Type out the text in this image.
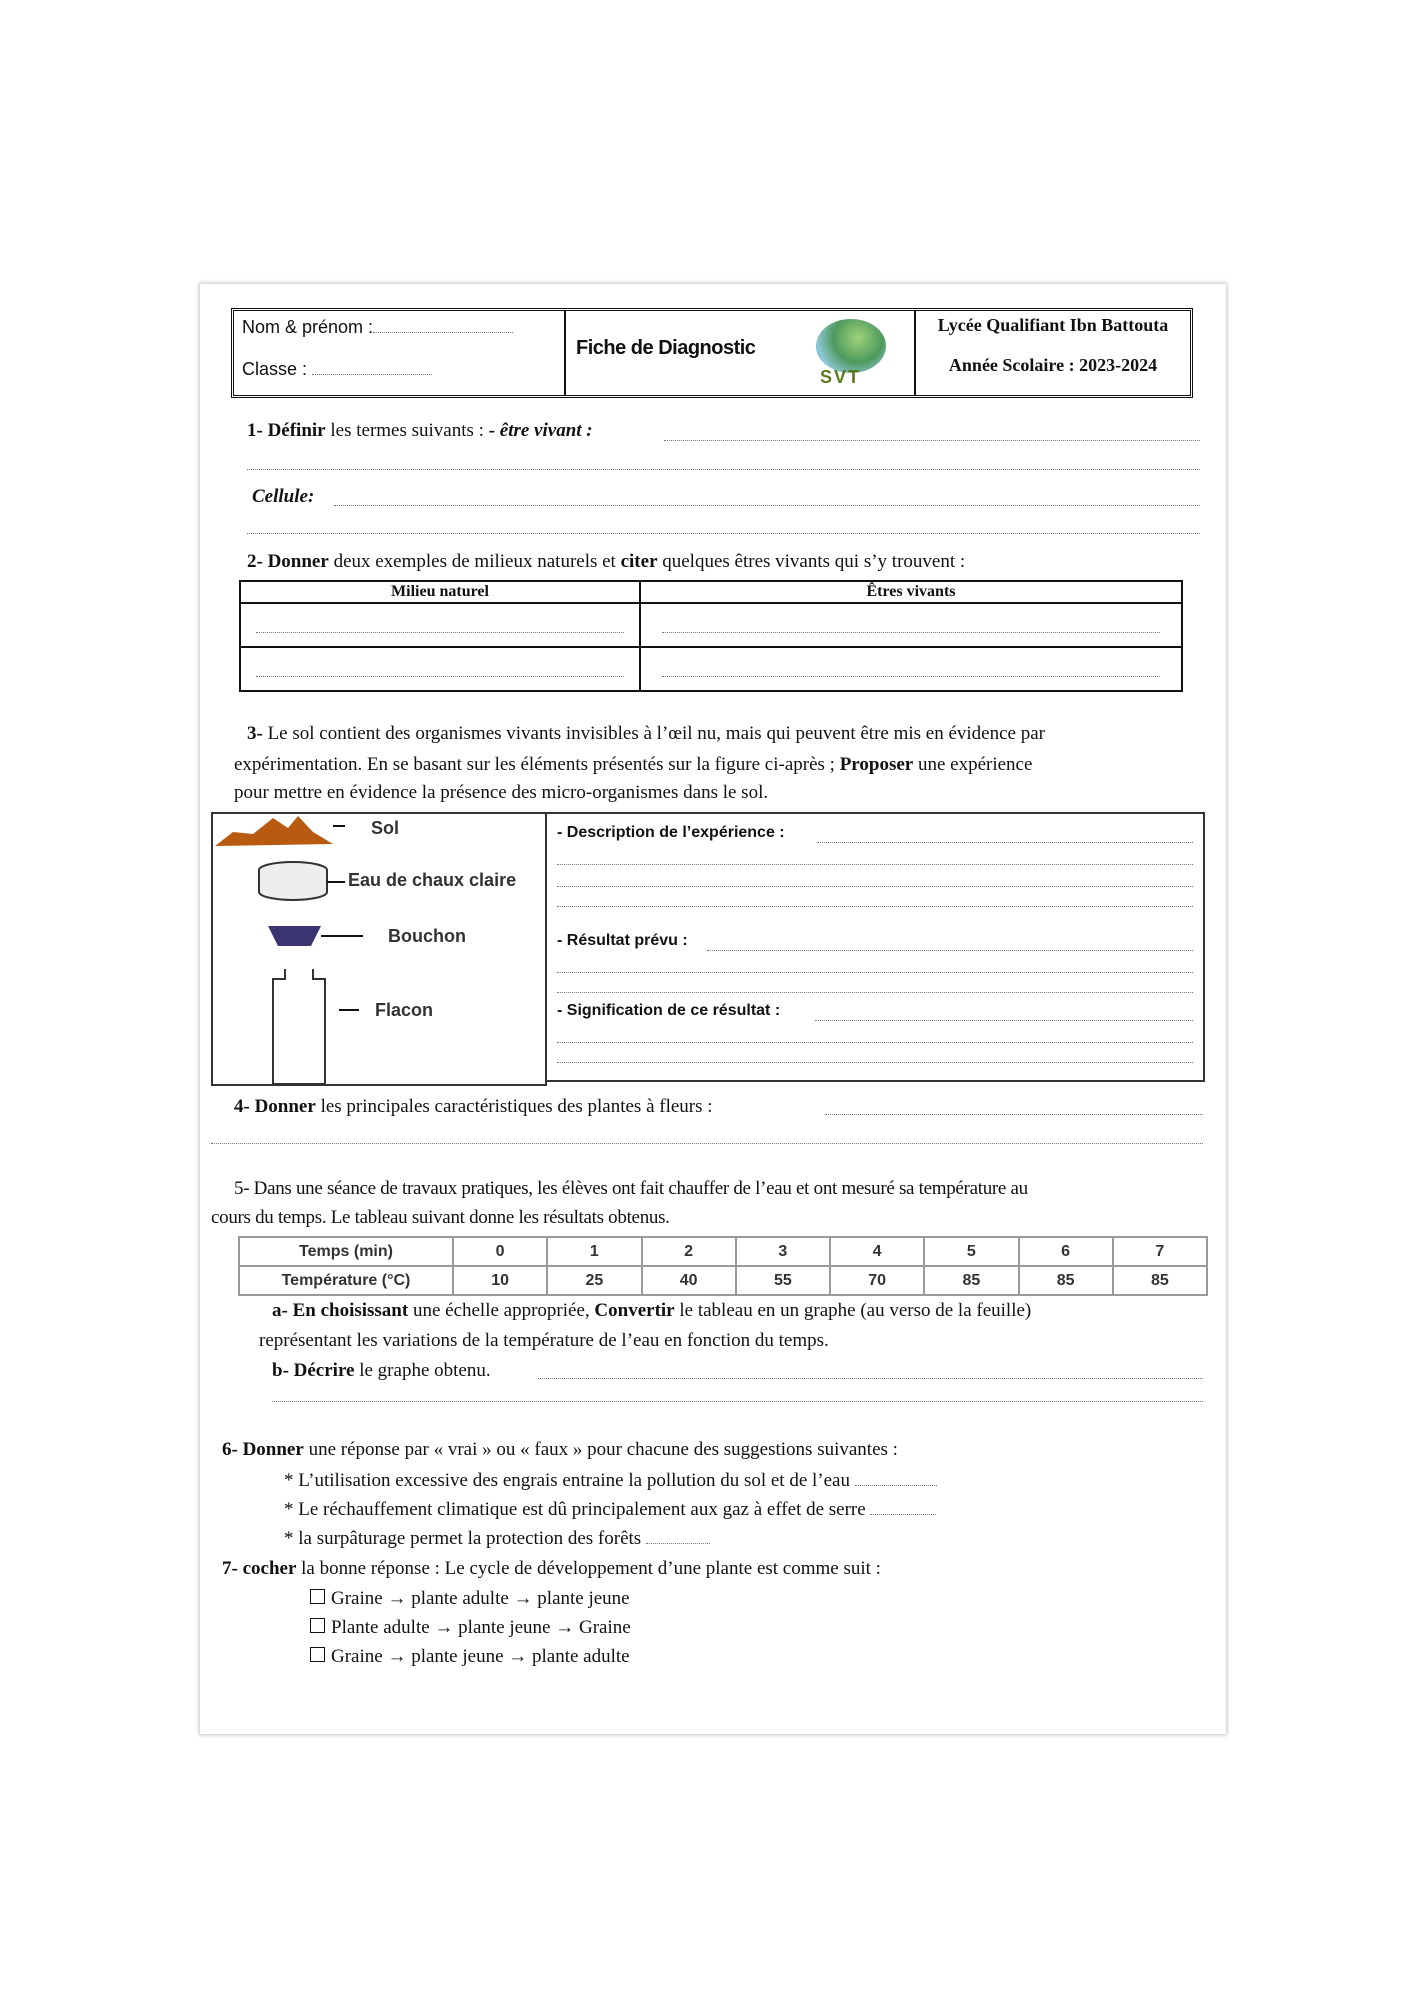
Nom & prénom :
Classe :
Fiche de Diagnostic
SVT
Lycée Qualifiant Ibn Battouta
Année Scolaire : 2023-2024
1- Définir les termes suivants : - être vivant :
Cellule:
2- Donner deux exemples de milieux naturels et citer quelques êtres vivants qui s’y trouvent :
Milieu naturel	Êtres vivants

3- Le sol contient des organismes vivants invisibles à l’œil nu, mais qui peuvent être mis en évidence par
expérimentation. En se basant sur les éléments présentés sur la figure ci-après ; Proposer une expérience
pour mettre en évidence la présence des micro-organismes dans le sol.
Sol
Eau de chaux claire
Bouchon
Flacon
- Description de l’expérience :
- Résultat prévu :
- Signification de ce résultat :
4- Donner les principales caractéristiques des plantes à fleurs :
5- Dans une séance de travaux pratiques, les élèves ont fait chauffer de l’eau et ont mesuré sa température au
cours du temps. Le tableau suivant donne les résultats obtenus.
Temps (min)	0	1	2	3	4	5	6	7
Température (°C)	10	25	40	55	70	85	85	85
a- En choisissant une échelle appropriée, Convertir le tableau en un graphe (au verso de la feuille)
représentant les variations de la température de l’eau en fonction du temps.
b- Décrire le graphe obtenu.
6- Donner une réponse par « vrai » ou « faux » pour chacune des suggestions suivantes :
* L’utilisation excessive des engrais entraine la pollution du sol et de l’eau
* Le réchauffement climatique est dû principalement aux gaz à effet de serre
* la surpâturage permet la protection des forêts
7- cocher la bonne réponse : Le cycle de développement d’une plante est comme suit :
Graine → plante adulte → plante jeune
Plante adulte → plante jeune → Graine
Graine → plante jeune → plante adulte
